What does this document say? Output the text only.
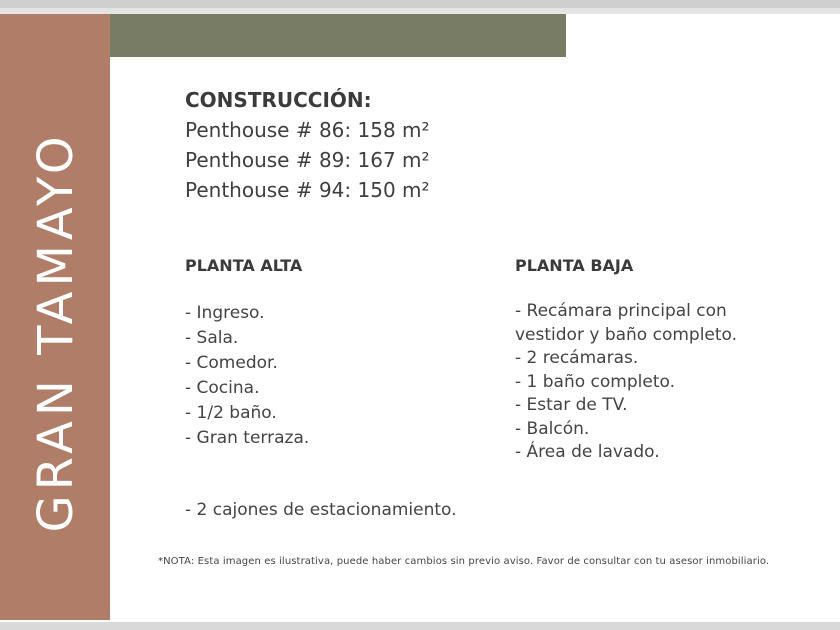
GRAN TAMAYO
CONSTRUCCIÓN:
Penthouse # 86: 158 m²
Penthouse # 89: 167 m²
Penthouse # 94: 150 m²
PLANTA ALTA
- Ingreso.
- Sala.
- Comedor.
- Cocina.
- 1/2 baño.
- Gran terraza.
PLANTA BAJA
- Recámara principal con
vestidor y baño completo.
- 2 recámaras.
- 1 baño completo.
- Estar de TV.
- Balcón.
- Área de lavado.
- 2 cajones de estacionamiento.
*NOTA: Esta imagen es ilustrativa, puede haber cambios sin previo aviso. Favor de consultar con tu asesor inmobiliario.
